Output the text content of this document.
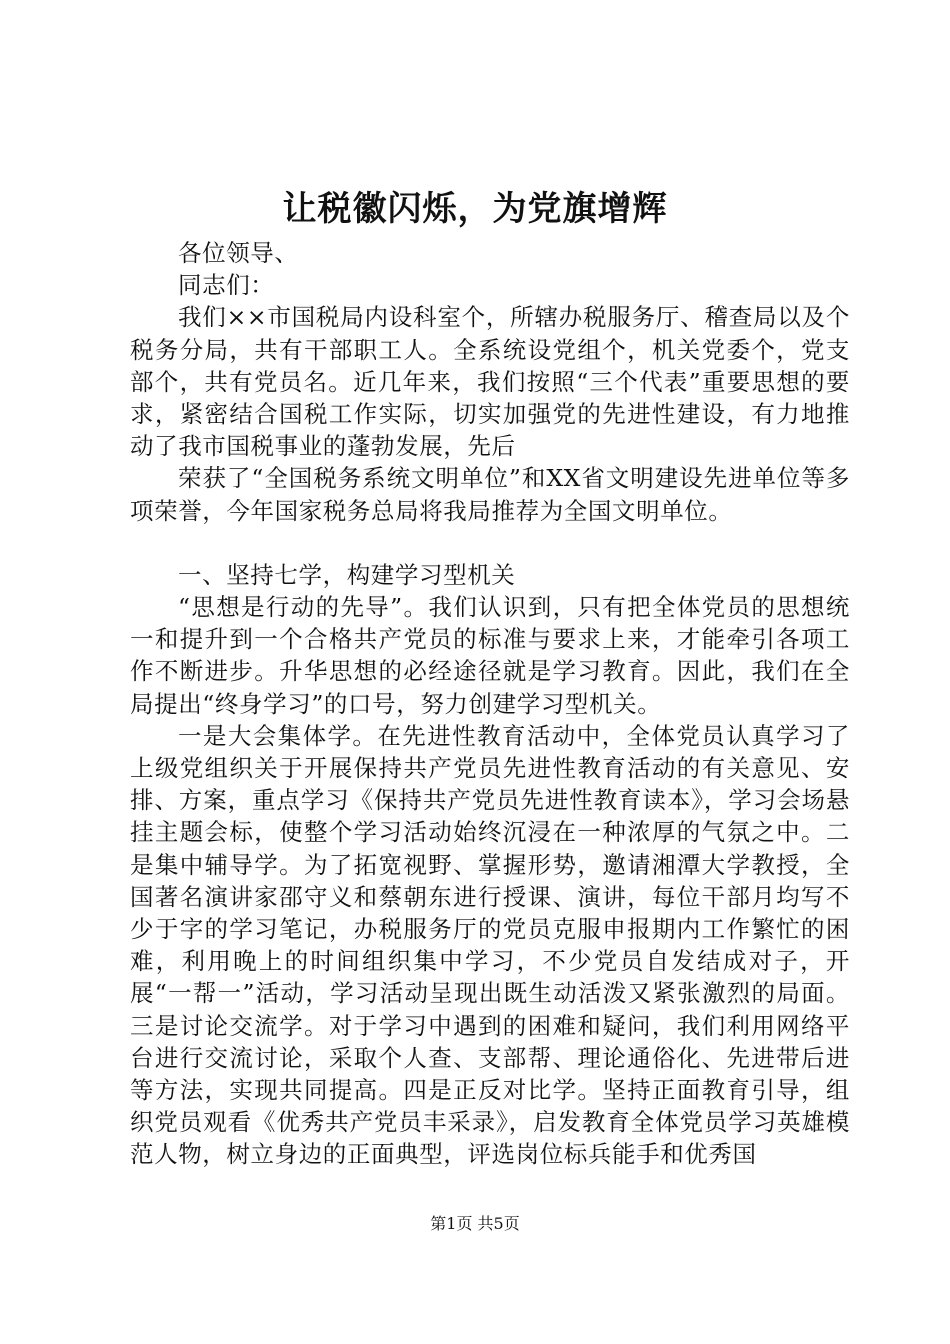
让税徽闪烁，为党旗增辉

各位领导、

同志们：

我们××市国税局内设科室个，所辖办税服务厅、稽查局以及个税务分局，共有干部职工人。全系统设党组个，机关党委个，党支部个，共有党员名。近几年来，我们按照“三个代表”重要思想的要求，紧密结合国税工作实际，切实加强党的先进性建设，有力地推动了我市国税事业的蓬勃发展，先后

荣获了“全国税务系统文明单位”和XX省文明建设先进单位等多项荣誉，今年国家税务总局将我局推荐为全国文明单位。

一、坚持七学，构建学习型机关

“思想是行动的先导”。我们认识到，只有把全体党员的思想统一和提升到一个合格共产党员的标准与要求上来，才能牵引各项工作不断进步。升华思想的必经途径就是学习教育。因此，我们在全局提出“终身学习”的口号，努力创建学习型机关。

一是大会集体学。在先进性教育活动中，全体党员认真学习了上级党组织关于开展保持共产党员先进性教育活动的有关意见、安排、方案，重点学习《保持共产党员先进性教育读本》，学习会场悬挂主题会标，使整个学习活动始终沉浸在一种浓厚的气氛之中。二是集中辅导学。为了拓宽视野、掌握形势，邀请湘潭大学教授，全国著名演讲家邵守义和蔡朝东进行授课、演讲，每位干部月均写不少于字的学习笔记，办税服务厅的党员克服申报期内工作繁忙的困难，利用晚上的时间组织集中学习，不少党员自发结成对子，开展“一帮一”活动，学习活动呈现出既生动活泼又紧张激烈的局面。三是讨论交流学。对于学习中遇到的困难和疑问，我们利用网络平台进行交流讨论，采取个人查、支部帮、理论通俗化、先进带后进等方法，实现共同提高。四是正反对比学。坚持正面教育引导，组织党员观看《优秀共产党员丰采录》，启发教育全体党员学习英雄模范人物，树立身边的正面典型，评选岗位标兵能手和优秀国

第1页 共5页
